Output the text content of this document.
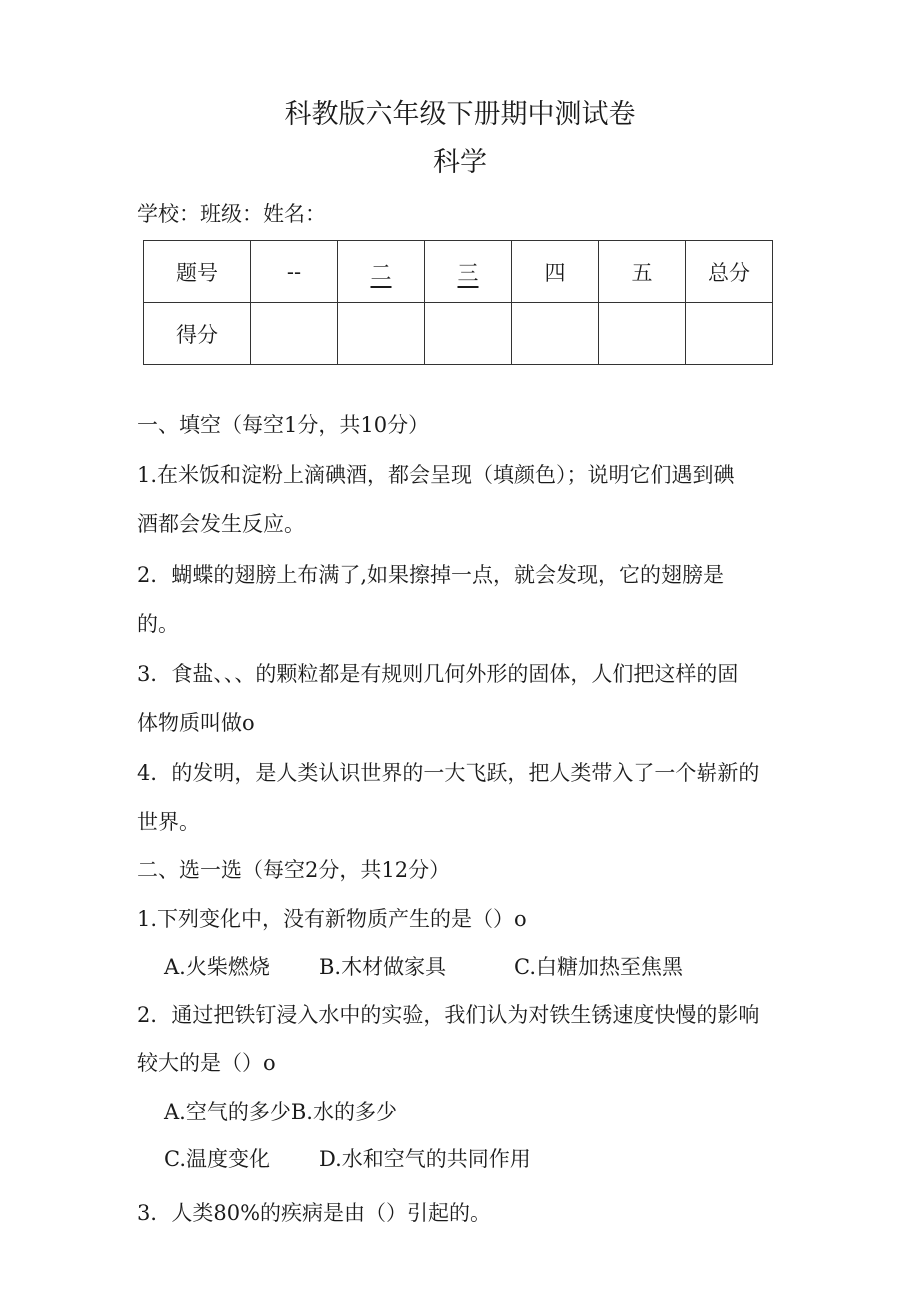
科教版六年级下册期中测试卷
科学
学校：班级：姓名：
题号	--	二	三	四	五	总分
得分						
一、填空（每空1分，共10分）
1.在米饭和淀粉上滴碘酒，都会呈现（填颜色）；说明它们遇到碘
酒都会发生反应。
2．蝴蝶的翅膀上布满了,如果擦掉一点，就会发现，它的翅膀是
的。
3．食盐、、、的颗粒都是有规则几何外形的固体，人们把这样的固
体物质叫做o
4．的发明，是人类认识世界的一大飞跃，把人类带入了一个崭新的
世界。
二、选一选（每空2分，共12分）
1.下列变化中，没有新物质产生的是（）o
A.火柴燃烧 B.木材做家具	C.白糖加热至焦黑
2．通过把铁钉浸入水中的实验，我们认为对铁生锈速度快慢的影响
较大的是（）o
A.空气的多少B.水的多少
C.温度变化 D.水和空气的共同作用
3．人类80%的疾病是由（）引起的。
